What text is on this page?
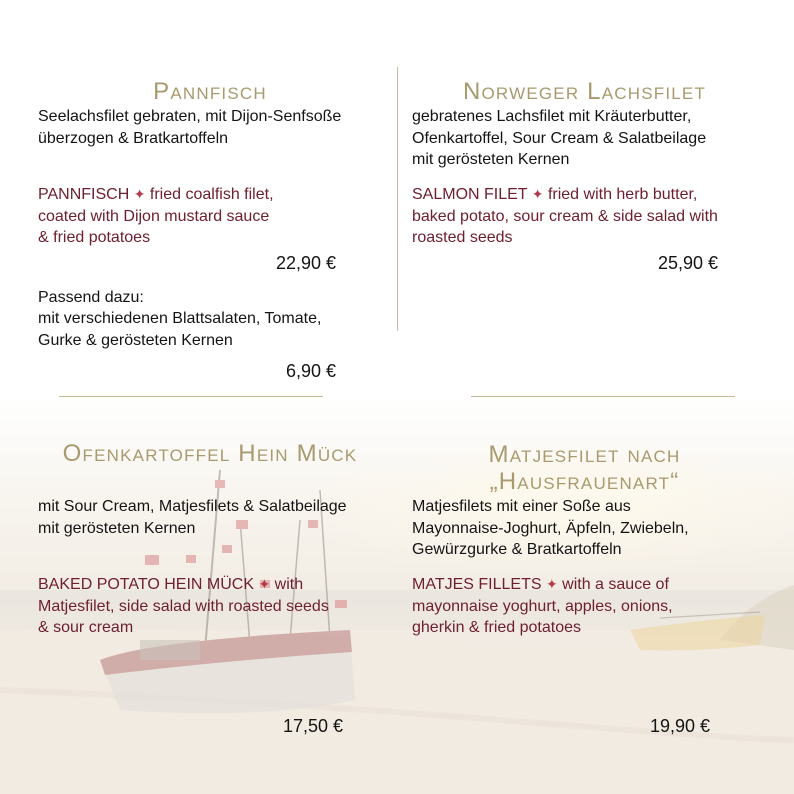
Pannfisch
Seelachsfilet gebraten, mit Dijon-Senfsoße
überzogen & Bratkartoffeln
PANNFISCH ✦ fried coalfish filet,
coated with Dijon mustard sauce
& fried potatoes
22,90 €
Passend dazu:
mit verschiedenen Blattsalaten, Tomate,
Gurke & gerösteten Kernen
6,90 €
Norweger Lachsfilet
gebratenes Lachsfilet mit Kräuterbutter,
Ofenkartoffel, Sour Cream & Salatbeilage
mit gerösteten Kernen
SALMON FILET ✦ fried with herb butter,
baked potato, sour cream & side salad with
roasted seeds
25,90 €
Ofenkartoffel Hein Mück
mit Sour Cream, Matjesfilets & Salatbeilage
mit gerösteten Kernen
BAKED POTATO HEIN MÜCK ✦ with
Matjesfilet, side salad with roasted seeds
& sour cream
17,50 €
Matjesfilet nach
„Hausfrauenart“
Matjesfilets mit einer Soße aus
Mayonnaise-Joghurt, Äpfeln, Zwiebeln,
Gewürzgurke & Bratkartoffeln
MATJES FILLETS ✦ with a sauce of
mayonnaise yoghurt, apples, onions,
gherkin & fried potatoes
19,90 €
